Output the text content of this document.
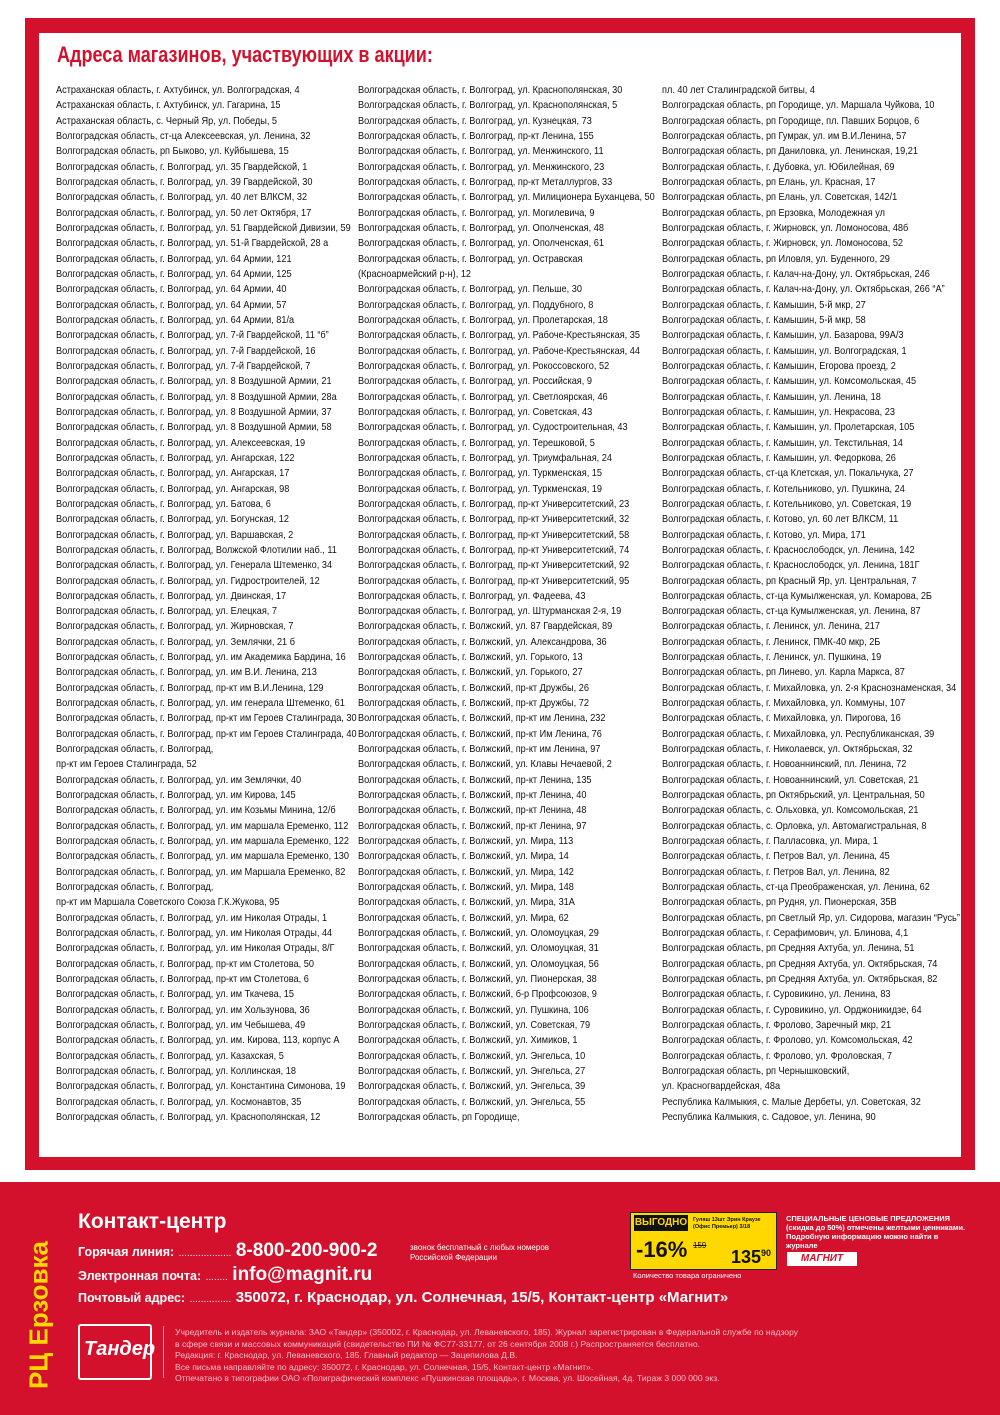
Адреса магазинов, участвующих в акции:
Астраханская область, г. Ахтубинск, ул. Волгоградская, 4
Астраханская область, г. Ахтубинск, ул. Гагарина, 15
Астраханская область, с. Черный Яр, ул. Победы, 5
Волгоградская область, ст-ца Алексеевская, ул. Ленина, 32
Волгоградская область, рп Быково, ул. Куйбышева, 15
Волгоградская область, г. Волгоград, ул. 35 Гвардейской, 1
Волгоградская область, г. Волгоград, ул. 39 Гвардейской, 30
Волгоградская область, г. Волгоград, ул. 40 лет ВЛКСМ, 32
Волгоградская область, г. Волгоград, ул. 50 лет Октября, 17
Волгоградская область, г. Волгоград, ул. 51 Гвардейской Дивизии, 59
Волгоградская область, г. Волгоград, ул. 51-й Гвардейской, 28 а
Волгоградская область, г. Волгоград, ул. 64 Армии, 121
Волгоградская область, г. Волгоград, ул. 64 Армии, 125
Волгоградская область, г. Волгоград, ул. 64 Армии, 40
Волгоградская область, г. Волгоград, ул. 64 Армии, 57
Волгоградская область, г. Волгоград, ул. 64 Армии, 81/а
Волгоградская область, г. Волгоград, ул. 7-й Гвардейской, 11 “б”
Волгоградская область, г. Волгоград, ул. 7-й Гвардейской, 16
Волгоградская область, г. Волгоград, ул. 7-й Гвардейской, 7
Волгоградская область, г. Волгоград, ул. 8 Воздушной Армии, 21
Волгоградская область, г. Волгоград, ул. 8 Воздушной Армии, 28а
Волгоградская область, г. Волгоград, ул. 8 Воздушной Армии, 37
Волгоградская область, г. Волгоград, ул. 8 Воздушной Армии, 58
Волгоградская область, г. Волгоград, ул. Алексеевская, 19
Волгоградская область, г. Волгоград, ул. Ангарская, 122
Волгоградская область, г. Волгоград, ул. Ангарская, 17
Волгоградская область, г. Волгоград, ул. Ангарская, 98
Волгоградская область, г. Волгоград, ул. Батова, 6
Волгоградская область, г. Волгоград, ул. Богунская, 12
Волгоградская область, г. Волгоград, ул. Варшавская, 2
Волгоградская область, г. Волгоград, Волжской Флотилии наб., 11
Волгоградская область, г. Волгоград, ул. Генерала Штеменко, 34
Волгоградская область, г. Волгоград, ул. Гидростроителей, 12
Волгоградская область, г. Волгоград, ул. Двинская, 17
Волгоградская область, г. Волгоград, ул. Елецкая, 7
Волгоградская область, г. Волгоград, ул. Жирновская, 7
Волгоградская область, г. Волгоград, ул. Землячки, 21 б
Волгоградская область, г. Волгоград, ул. им Академика Бардина, 16
Волгоградская область, г. Волгоград, ул. им В.И. Ленина, 213
Волгоградская область, г. Волгоград, пр-кт им В.И.Ленина, 129
Волгоградская область, г. Волгоград, ул. им генерала Штеменко, 61
Волгоградская область, г. Волгоград, пр-кт им Героев Сталинграда, 30
Волгоградская область, г. Волгоград, пр-кт им Героев Сталинграда, 40
Волгоградская область, г. Волгоград,
пр-кт им Героев Сталинграда, 52
Волгоградская область, г. Волгоград, ул. им Землячки, 40
Волгоградская область, г. Волгоград, ул. им Кирова, 145
Волгоградская область, г. Волгоград, ул. им Козьмы Минина, 12/б
Волгоградская область, г. Волгоград, ул. им маршала Еременко, 112
Волгоградская область, г. Волгоград, ул. им маршала Еременко, 122
Волгоградская область, г. Волгоград, ул. им маршала Еременко, 130
Волгоградская область, г. Волгоград, ул. им Маршала Еременко, 82
Волгоградская область, г. Волгоград,
пр-кт им Маршала Советского Союза Г.К.Жукова, 95
Волгоградская область, г. Волгоград, ул. им Николая Отрады, 1
Волгоградская область, г. Волгоград, ул. им Николая Отрады, 44
Волгоградская область, г. Волгоград, ул. им Николая Отрады, 8/Г
Волгоградская область, г. Волгоград, пр-кт им Столетова, 50
Волгоградская область, г. Волгоград, пр-кт им Столетова, 6
Волгоградская область, г. Волгоград, ул. им Ткачева, 15
Волгоградская область, г. Волгоград, ул. им Хользунова, 36
Волгоградская область, г. Волгоград, ул. им Чебышева, 49
Волгоградская область, г. Волгоград, ул. им. Кирова, 113, корпус А
Волгоградская область, г. Волгоград, ул. Казахская, 5
Волгоградская область, г. Волгоград, ул. Коллинская, 18
Волгоградская область, г. Волгоград, ул. Константина Симонова, 19
Волгоградская область, г. Волгоград, ул. Космонавтов, 35
Волгоградская область, г. Волгоград, ул. Краснополянская, 12
Волгоградская область, г. Волгоград, ул. Краснополянская, 30
Волгоградская область, г. Волгоград, ул. Краснополянская, 5
Волгоградская область, г. Волгоград, ул. Кузнецкая, 73
Волгоградская область, г. Волгоград, пр-кт Ленина, 155
Волгоградская область, г. Волгоград, ул. Менжинского, 11
Волгоградская область, г. Волгоград, ул. Менжинского, 23
Волгоградская область, г. Волгоград, пр-кт Металлургов, 33
Волгоградская область, г. Волгоград, ул. Милиционера Буханцева, 50
Волгоградская область, г. Волгоград, ул. Могилевича, 9
Волгоградская область, г. Волгоград, ул. Ополченская, 48
Волгоградская область, г. Волгоград, ул. Ополченская, 61
Волгоградская область, г. Волгоград, ул. Остравская
(Красноармейский р-н), 12
Волгоградская область, г. Волгоград, ул. Пельше, 30
Волгоградская область, г. Волгоград, ул. Поддубного, 8
Волгоградская область, г. Волгоград, ул. Пролетарская, 18
Волгоградская область, г. Волгоград, ул. Рабоче-Крестьянская, 35
Волгоградская область, г. Волгоград, ул. Рабоче-Крестьянская, 44
Волгоградская область, г. Волгоград, ул. Рокоссовского, 52
Волгоградская область, г. Волгоград, ул. Российская, 9
Волгоградская область, г. Волгоград, ул. Светлоярская, 46
Волгоградская область, г. Волгоград, ул. Советская, 43
Волгоградская область, г. Волгоград, ул. Судостроительная, 43
Волгоградская область, г. Волгоград, ул. Терешковой, 5
Волгоградская область, г. Волгоград, ул. Триумфальная, 24
Волгоградская область, г. Волгоград, ул. Туркменская, 15
Волгоградская область, г. Волгоград, ул. Туркменская, 19
Волгоградская область, г. Волгоград, пр-кт Университетский, 23
Волгоградская область, г. Волгоград, пр-кт Университетский, 32
Волгоградская область, г. Волгоград, пр-кт Университетский, 58
Волгоградская область, г. Волгоград, пр-кт Университетский, 74
Волгоградская область, г. Волгоград, пр-кт Университетский, 92
Волгоградская область, г. Волгоград, пр-кт Университетский, 95
Волгоградская область, г. Волгоград, ул. Фадеева, 43
Волгоградская область, г. Волгоград, ул. Штурманская 2-я, 19
Волгоградская область, г. Волжский, ул. 87 Гвардейская, 89
Волгоградская область, г. Волжский, ул. Александрова, 36
Волгоградская область, г. Волжский, ул. Горького, 13
Волгоградская область, г. Волжский, ул. Горького, 27
Волгоградская область, г. Волжский, пр-кт Дружбы, 26
Волгоградская область, г. Волжский, пр-кт Дружбы, 72
Волгоградская область, г. Волжский, пр-кт им Ленина, 232
Волгоградская область, г. Волжский, пр-кт Им Ленина, 76
Волгоградская область, г. Волжский, пр-кт им Ленина, 97
Волгоградская область, г. Волжский, ул. Клавы Нечаевой, 2
Волгоградская область, г. Волжский, пр-кт Ленина, 135
Волгоградская область, г. Волжский, пр-кт Ленина, 40
Волгоградская область, г. Волжский, пр-кт Ленина, 48
Волгоградская область, г. Волжский, пр-кт Ленина, 97
Волгоградская область, г. Волжский, ул. Мира, 113
Волгоградская область, г. Волжский, ул. Мира, 14
Волгоградская область, г. Волжский, ул. Мира, 142
Волгоградская область, г. Волжский, ул. Мира, 148
Волгоградская область, г. Волжский, ул. Мира, 31А
Волгоградская область, г. Волжский, ул. Мира, 62
Волгоградская область, г. Волжский, ул. Оломоуцкая, 29
Волгоградская область, г. Волжский, ул. Оломоуцкая, 31
Волгоградская область, г. Волжский, ул. Оломоуцкая, 56
Волгоградская область, г. Волжский, ул. Пионерская, 38
Волгоградская область, г. Волжский, б-р Профсоюзов, 9
Волгоградская область, г. Волжский, ул. Пушкина, 106
Волгоградская область, г. Волжский, ул. Советская, 79
Волгоградская область, г. Волжский, ул. Химиков, 1
Волгоградская область, г. Волжский, ул. Энгельса, 10
Волгоградская область, г. Волжский, ул. Энгельса, 27
Волгоградская область, г. Волжский, ул. Энгельса, 39
Волгоградская область, г. Волжский, ул. Энгельса, 55
Волгоградская область, рп Городище,
пл. 40 лет Сталинградской битвы, 4
Волгоградская область, рп Городище, ул. Маршала Чуйкова, 10
Волгоградская область, рп Городище, пл. Павших Борцов, 6
Волгоградская область, рп Гумрак, ул. им В.И.Ленина, 57
Волгоградская область, рп Даниловка, ул. Ленинская, 19,21
Волгоградская область, г. Дубовка, ул. Юбилейная, 69
Волгоградская область, рп Елань, ул. Красная, 17
Волгоградская область, рп Елань, ул. Советская, 142/1
Волгоградская область, рп Ерзовка, Молодежная ул
Волгоградская область, г. Жирновск, ул. Ломоносова, 48б
Волгоградская область, г. Жирновск, ул. Ломоносова, 52
Волгоградская область, рп Иловля, ул. Буденного, 29
Волгоградская область, г. Калач-на-Дону, ул. Октябрьская, 246
Волгоградская область, г. Калач-на-Дону, ул. Октябрьская, 266 “А”
Волгоградская область, г. Камышин, 5-й мкр, 27
Волгоградская область, г. Камышин, 5-й мкр, 58
Волгоградская область, г. Камышин, ул. Базарова, 99А/3
Волгоградская область, г. Камышин, ул. Волгоградская, 1
Волгоградская область, г. Камышин, Егорова проезд, 2
Волгоградская область, г. Камышин, ул. Комсомольская, 45
Волгоградская область, г. Камышин, ул. Ленина, 18
Волгоградская область, г. Камышин, ул. Некрасова, 23
Волгоградская область, г. Камышин, ул. Пролетарская, 105
Волгоградская область, г. Камышин, ул. Текстильная, 14
Волгоградская область, г. Камышин, ул. Федоркова, 26
Волгоградская область, ст-ца Клетская, ул. Покальчука, 27
Волгоградская область, г. Котельниково, ул. Пушкина, 24
Волгоградская область, г. Котельниково, ул. Советская, 19
Волгоградская область, г. Котово, ул. 60 лет ВЛКСМ, 11
Волгоградская область, г. Котово, ул. Мира, 171
Волгоградская область, г. Краснослободск, ул. Ленина, 142
Волгоградская область, г. Краснослободск, ул. Ленина, 181Г
Волгоградская область, рп Красный Яр, ул. Центральная, 7
Волгоградская область, ст-ца Кумылженская, ул. Комарова, 2Б
Волгоградская область, ст-ца Кумылженская, ул. Ленина, 87
Волгоградская область, г. Ленинск, ул. Ленина, 217
Волгоградская область, г. Ленинск, ПМК-40 мкр, 2Б
Волгоградская область, г. Ленинск, ул. Пушкина, 19
Волгоградская область, рп Линево, ул. Карла Маркса, 87
Волгоградская область, г. Михайловка, ул. 2-я Краснознаменская, 34
Волгоградская область, г. Михайловка, ул. Коммуны, 107
Волгоградская область, г. Михайловка, ул. Пирогова, 16
Волгоградская область, г. Михайловка, ул. Республиканская, 39
Волгоградская область, г. Николаевск, ул. Октябрьская, 32
Волгоградская область, г. Новоаннинский, пл. Ленина, 72
Волгоградская область, г. Новоаннинский, ул. Советская, 21
Волгоградская область, рп Октябрьский, ул. Центральная, 50
Волгоградская область, с. Ольховка, ул. Комсомольская, 21
Волгоградская область, с. Орловка, ул. Автомагистральная, 8
Волгоградская область, г. Палласовка, ул. Мира, 1
Волгоградская область, г. Петров Вал, ул. Ленина, 45
Волгоградская область, г. Петров Вал, ул. Ленина, 82
Волгоградская область, ст-ца Преображенская, ул. Ленина, 62
Волгоградская область, рп Рудня, ул. Пионерская, 35В
Волгоградская область, рп Светлый Яр, ул. Сидорова, магазин “Русь”
Волгоградская область, г. Серафимович, ул. Блинова, 4,1
Волгоградская область, рп Средняя Ахтуба, ул. Ленина, 51
Волгоградская область, рп Средняя Ахтуба, ул. Октябрьская, 74
Волгоградская область, рп Средняя Ахтуба, ул. Октябрьская, 82
Волгоградская область, г. Суровикино, ул. Ленина, 83
Волгоградская область, г. Суровикино, ул. Орджоникидзе, 64
Волгоградская область, г. Фролово, Заречный мкр, 21
Волгоградская область, г. Фролово, ул. Комсомольская, 42
Волгоградская область, г. Фролово, ул. Фроловская, 7
Волгоградская область, рп Чернышковский,
ул. Красногвардейская, 48а
Республика Калмыкия, с. Малые Дербеты, ул. Советская, 32
Республика Калмыкия, с. Садовое, ул. Ленина, 90
РЦ Ерзовка
Контакт-центр
Горячая линия: ................... 8-800-200-900-2	звонок бесплатный с любых номеров Российской Федерации
Электронная почта: ........ info@magnit.ru
Почтовый адрес: ............... 350072, г. Краснодар, ул. Солнечная, 15/5, Контакт-центр «Магнит»
ВЫГОДНО
-16%
Гуляш 13шт Эрин Краузе (Офис Премьер) 3/18
159
$135^{90}$
Количество товара ограничено
СПЕЦИАЛЬНЫЕ ЦЕНОВЫЕ ПРЕДЛОЖЕНИЯ
(скидка до 50%) отмечены желтыми ценниками. Подробную информацию можно найти в журнале
МАГНИТ
Тандер
Учредитель и издатель журнала: ЗАО «Тандер» (350002, г. Краснодар, ул. Леваневского, 185). Журнал зарегистрирован в Федеральной службе по надзору
в сфере связи и массовых коммуникаций (свидетельство ПИ № ФС77-33177, от 26 сентября 2008 г.) Распространяется бесплатно.
Редакция: г. Краснодар, ул. Леваневского, 185. Главный редактор — Зацепилова Д.В.
Все письма направляйте по адресу: 350072, г. Краснодар, ул. Солнечная, 15/5, Контакт-центр «Магнит».
Отпечатано в типографии ОАО «Полиграфический комплекс «Пушкинская площадь», г. Москва, ул. Шосейная, 4д. Тираж 3 000 000 экз.
